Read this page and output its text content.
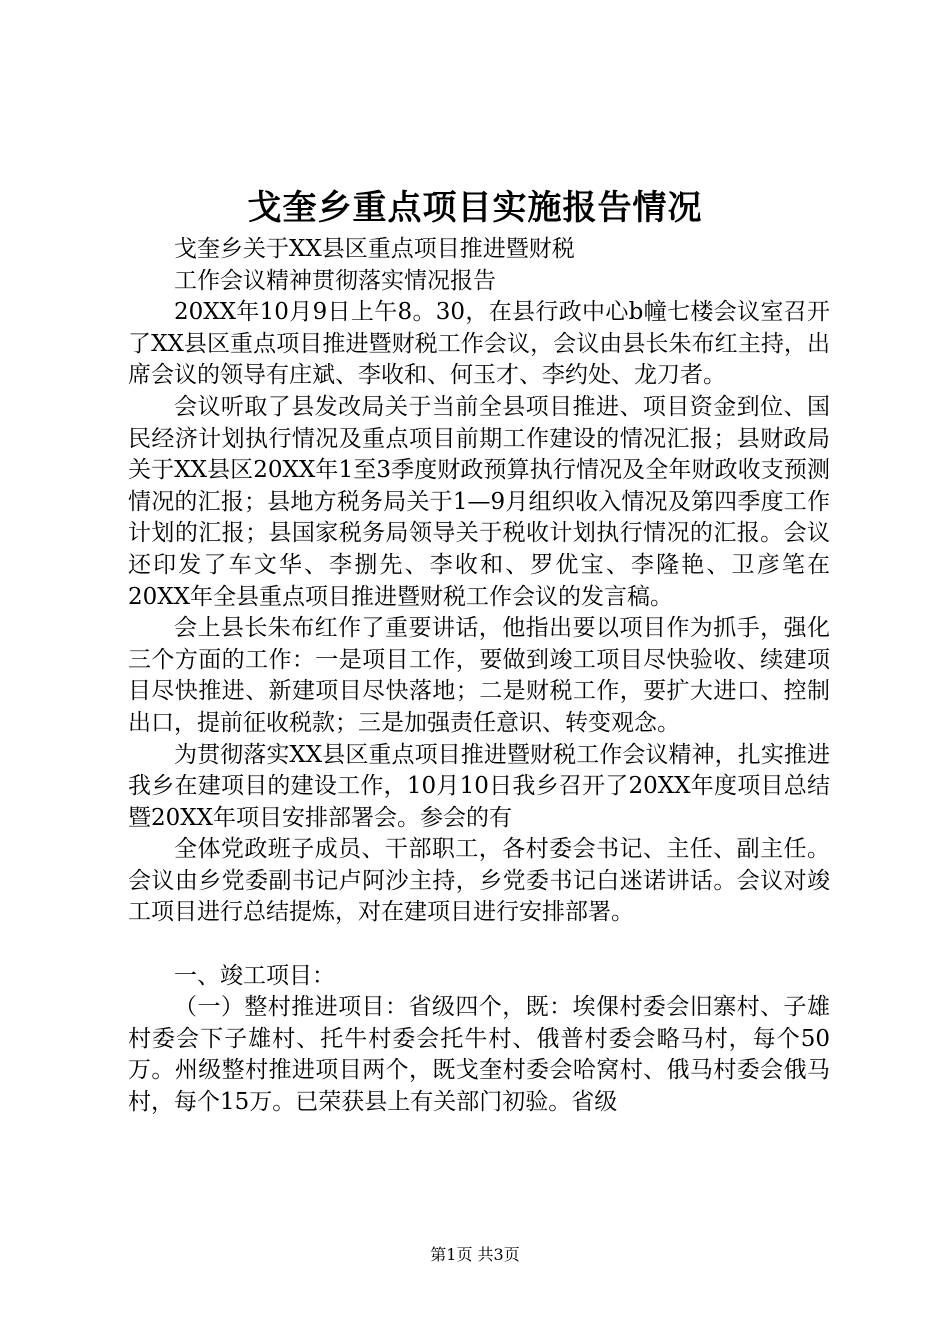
戈奎乡重点项目实施报告情况

戈奎乡关于XX县区重点项目推进暨财税

工作会议精神贯彻落实情况报告

20XX年10月9日上午8。30，在县行政中心b幢七楼会议室召开了XX县区重点项目推进暨财税工作会议，会议由县长朱布红主持，出席会议的领导有庄斌、李收和、何玉才、李约处、龙刀者。

会议听取了县发改局关于当前全县项目推进、项目资金到位、国民经济计划执行情况及重点项目前期工作建设的情况汇报；县财政局关于XX县区20XX年1至3季度财政预算执行情况及全年财政收支预测情况的汇报；县地方税务局关于1—9月组织收入情况及第四季度工作计划的汇报；县国家税务局领导关于税收计划执行情况的汇报。会议还印发了车文华、李捌先、李收和、罗优宝、李隆艳、卫彦笔在20XX年全县重点项目推进暨财税工作会议的发言稿。

会上县长朱布红作了重要讲话，他指出要以项目作为抓手，强化三个方面的工作：一是项目工作，要做到竣工项目尽快验收、续建项目尽快推进、新建项目尽快落地；二是财税工作，要扩大进口、控制出口，提前征收税款；三是加强责任意识、转变观念。

为贯彻落实XX县区重点项目推进暨财税工作会议精神，扎实推进我乡在建项目的建设工作，10月10日我乡召开了20XX年度项目总结暨20XX年项目安排部署会。参会的有

全体党政班子成员、干部职工，各村委会书记、主任、副主任。会议由乡党委副书记卢阿沙主持，乡党委书记白迷诺讲话。会议对竣工项目进行总结提炼，对在建项目进行安排部署。

一、竣工项目：

（一）整村推进项目：省级四个，既：埃倮村委会旧寨村、子雄村委会下子雄村、托牛村委会托牛村、俄普村委会略马村，每个50万。州级整村推进项目两个，既戈奎村委会哈窝村、俄马村委会俄马村，每个15万。已荣获县上有关部门初验。省级

第1页 共3页
